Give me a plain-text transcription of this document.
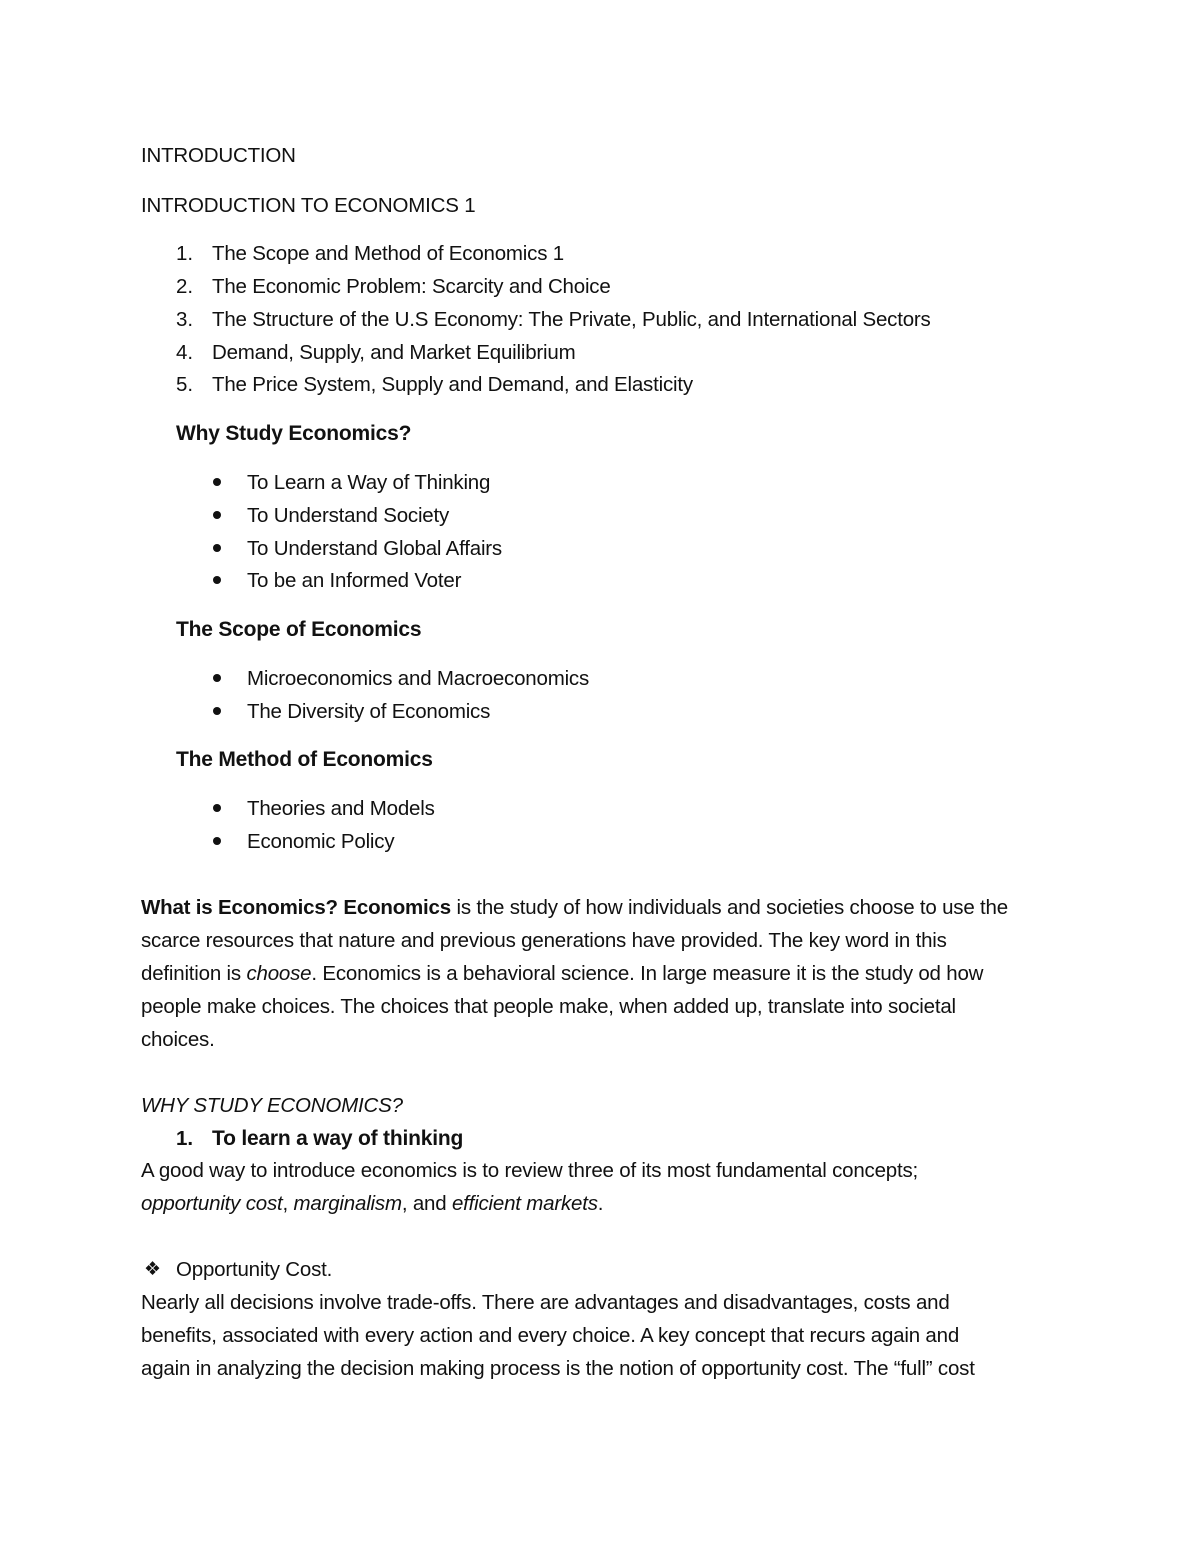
INTRODUCTION
INTRODUCTION TO ECONOMICS 1
1. The Scope and Method of Economics 1
2. The Economic Problem: Scarcity and Choice
3. The Structure of the U.S Economy: The Private, Public, and International Sectors
4. Demand, Supply, and Market Equilibrium
5. The Price System, Supply and Demand, and Elasticity
Why Study Economics?
To Learn a Way of Thinking
To Understand Society
To Understand Global Affairs
To be an Informed Voter
The Scope of Economics
Microeconomics and Macroeconomics
The Diversity of Economics
The Method of Economics
Theories and Models
Economic Policy
What is Economics? Economics is the study of how individuals and societies choose to use the
scarce resources that nature and previous generations have provided. The key word in this
definition is choose. Economics is a behavioral science. In large measure it is the study od how
people make choices. The choices that people make, when added up, translate into societal
choices.
WHY STUDY ECONOMICS?
1. To learn a way of thinking
A good way to introduce economics is to review three of its most fundamental concepts;
opportunity cost, marginalism, and efficient markets.
❖ Opportunity Cost.
Nearly all decisions involve trade-offs. There are advantages and disadvantages, costs and
benefits, associated with every action and every choice. A key concept that recurs again and
again in analyzing the decision making process is the notion of opportunity cost. The “full” cost
